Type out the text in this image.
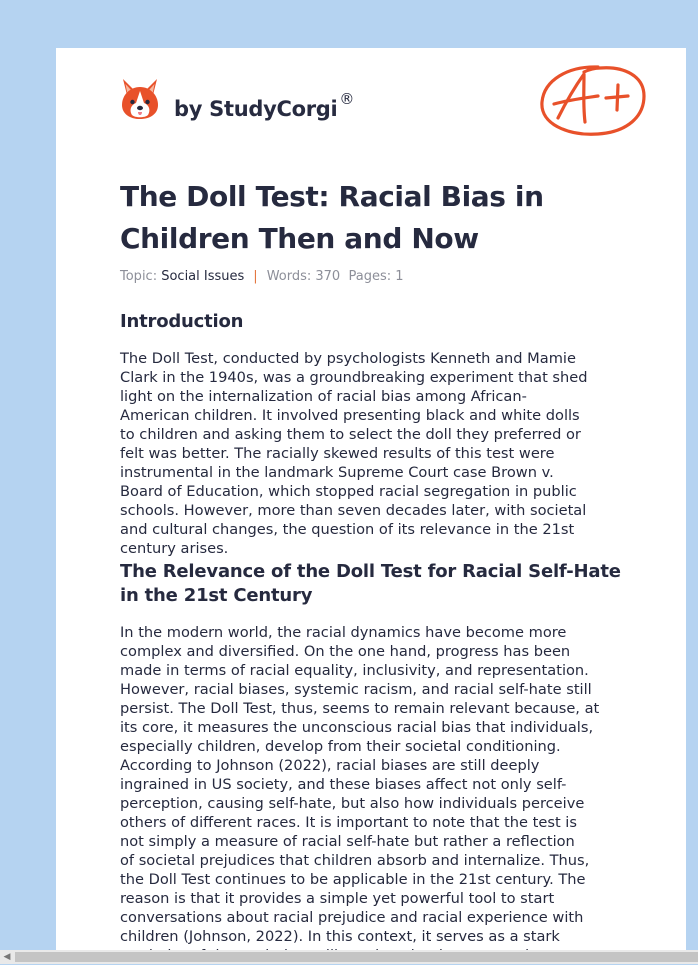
by StudyCorgi ®
The Doll Test: Racial Bias in Children Then and Now
Topic: Social Issues | Words: 370 Pages: 1
Introduction

The Doll Test, conducted by psychologists Kenneth and Mamie
Clark in the 1940s, was a groundbreaking experiment that shed
light on the internalization of racial bias among African-
American children. It involved presenting black and white dolls
to children and asking them to select the doll they preferred or
felt was better. The racially skewed results of this test were
instrumental in the landmark Supreme Court case Brown v.
Board of Education, which stopped racial segregation in public
schools. However, more than seven decades later, with societal
and cultural changes, the question of its relevance in the 21st
century arises.

The Relevance of the Doll Test for Racial Self-Hate in the 21st Century

In the modern world, the racial dynamics have become more
complex and diversified. On the one hand, progress has been
made in terms of racial equality, inclusivity, and representation.
However, racial biases, systemic racism, and racial self-hate still
persist. The Doll Test, thus, seems to remain relevant because, at
its core, it measures the unconscious racial bias that individuals,
especially children, develop from their societal conditioning.
According to Johnson (2022), racial biases are still deeply
ingrained in US society, and these biases affect not only self-
perception, causing self-hate, but also how individuals perceive
others of different races. It is important to note that the test is
not simply a measure of racial self-hate but rather a reflection
of societal prejudices that children absorb and internalize. Thus,
the Doll Test continues to be applicable in the 21st century. The
reason is that it provides a simple yet powerful tool to start
conversations about racial prejudice and racial experience with
children (Johnson, 2022). In this context, it serves as a stark

◀
